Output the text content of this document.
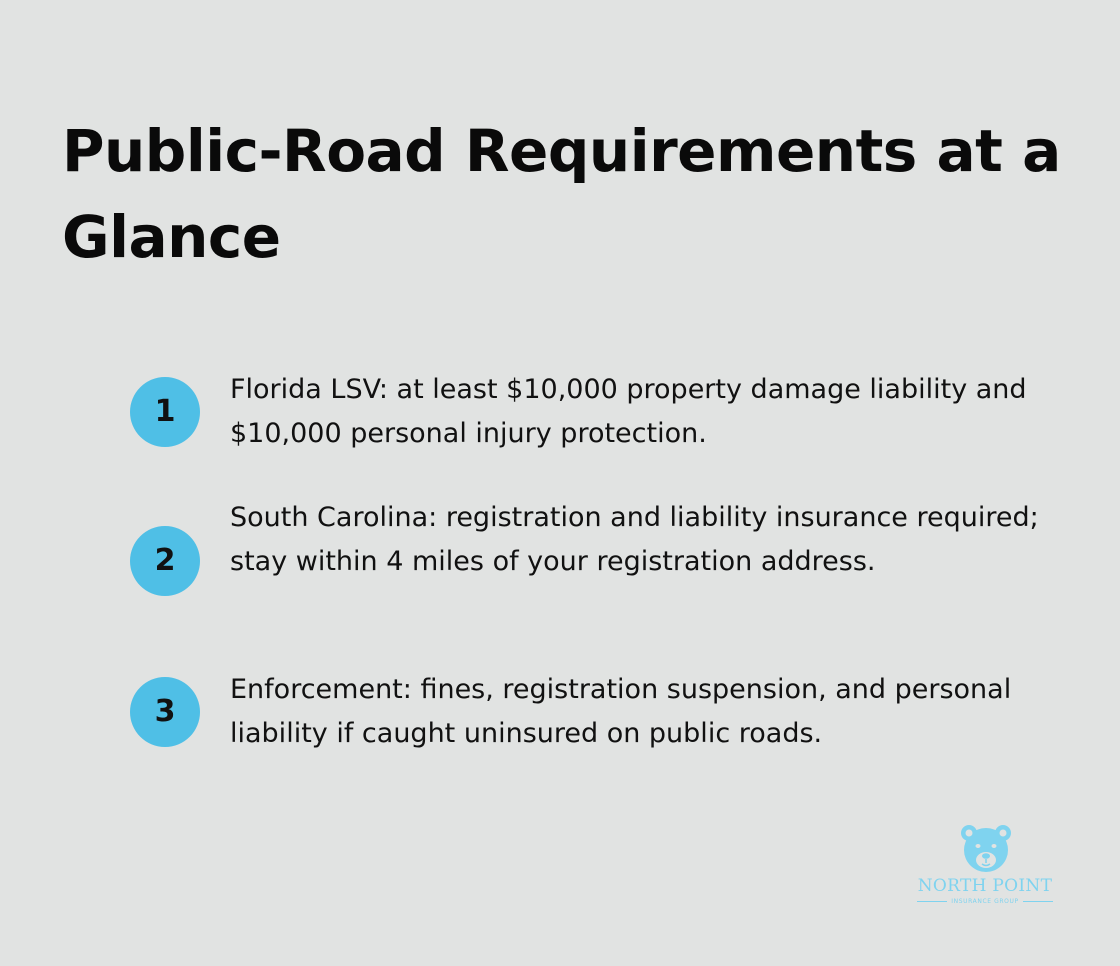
Public-Road Requirements at a Glance
1

Florida LSV: at least $10,000 property damage liability and $10,000 personal injury protection.

2

South Carolina: registration and liability insurance required; stay within 4 miles of your registration address.

3

Enforcement: fines, registration suspension, and personal liability if caught uninsured on public roads.

NORTH POINT
INSURANCE GROUP
